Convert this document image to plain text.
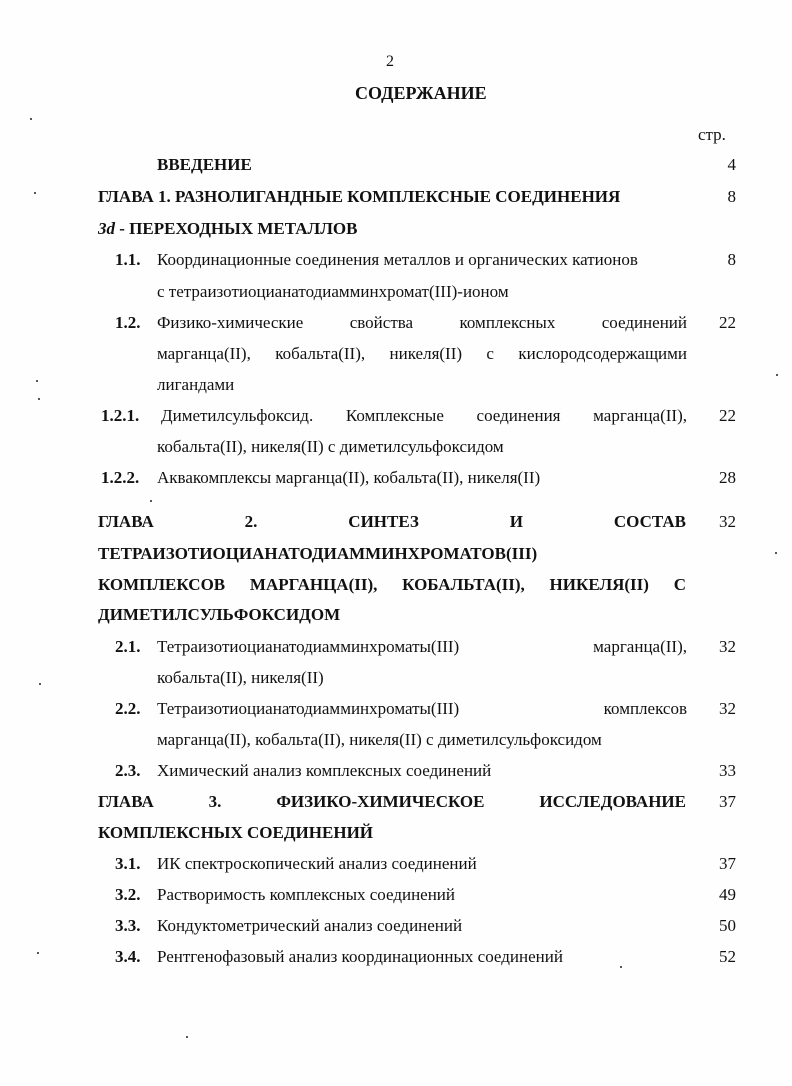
2
СОДЕРЖАНИЕ
стр.
ВВЕДЕНИЕ	4
ГЛАВА 1. РАЗНОЛИГАНДНЫЕ КОМПЛЕКСНЫЕ СОЕДИНЕНИЯ
3d - ПЕРЕХОДНЫХ МЕТАЛЛОВ
8
1.1. Координационные соединения металлов и органических катионов
с тетраизотиоцианатодиамминхромат(III)-ионом
8
1.2. Физико-химические свойства комплексных соединений
марганца(II), кобальта(II), никеля(II) с кислородсодержащими
лигандами
22
1.2.1. Диметилсульфоксид. Комплексные соединения марганца(II),
кобальта(II), никеля(II) с диметилсульфоксидом
22
1.2.2. Аквакомплексы марганца(II), кобальта(II), никеля(II)	28
ГЛАВА 2. СИНТЕЗ И СОСТАВ
ТЕТРАИЗОТИОЦИАНАТОДИАММИНХРОМАТОВ(III)
КОМПЛЕКСОВ МАРГАНЦА(II), КОБАЛЬТА(II), НИКЕЛЯ(II) С
ДИМЕТИЛСУЛЬФОКСИДОМ
32
2.1. Тетраизотиоцианатодиамминхроматы(III) марганца(II),
кобальта(II), никеля(II)
32
2.2. Тетраизотиоцианатодиамминхроматы(III) комплексов
марганца(II), кобальта(II), никеля(II) с диметилсульфоксидом
32
2.3. Химический анализ комплексных соединений	33
ГЛАВА 3. ФИЗИКО-ХИМИЧЕСКОЕ ИССЛЕДОВАНИЕ
КОМПЛЕКСНЫХ СОЕДИНЕНИЙ
37
3.1. ИК спектроскопический анализ соединений	37
3.2. Растворимость комплексных соединений	49
3.3. Кондуктометрический анализ соединений	50
3.4. Рентгенофазовый анализ координационных соединений	52
